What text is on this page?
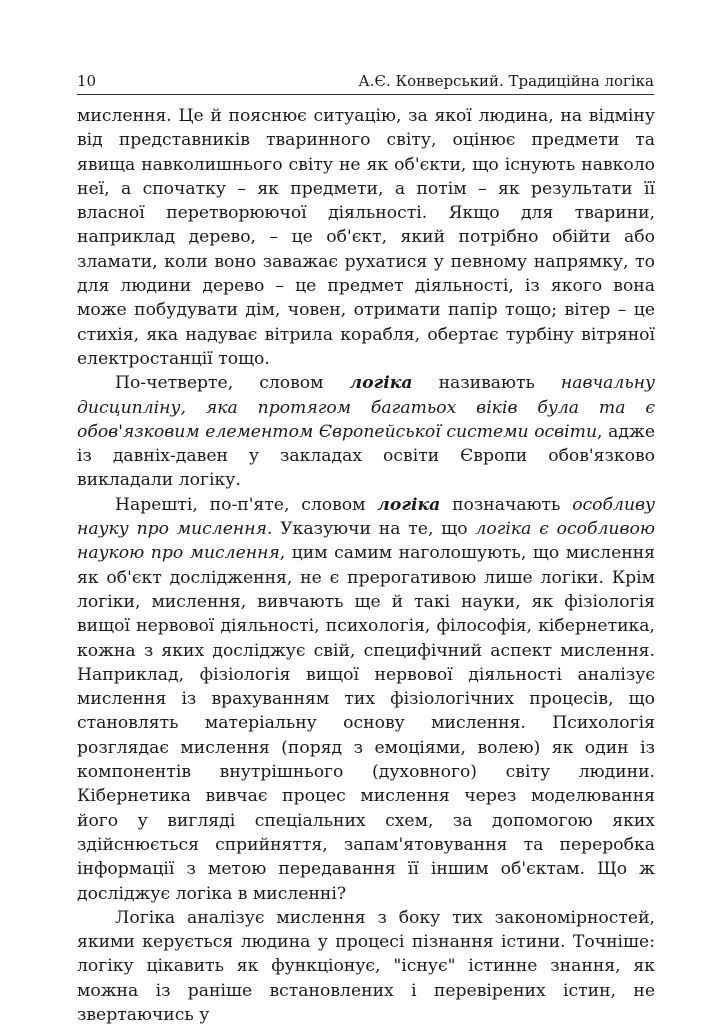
10	А.Є. Конверський. Традиційна логіка

мислення. Це й пояснює ситуацію, за якої людина, на відміну від представників тваринного світу, оцінює предмети та явища навколишнього світу не як об'єкти, що існують навколо неї, а спочатку – як предмети, а потім – як результати її власної перетворюючої діяльності. Якщо для тварини, наприклад дерево, – це об'єкт, який потрібно обійти або зламати, коли воно заважає рухатися у певному напрямку, то для людини дерево – це предмет діяльності, із якого вона може побудувати дім, човен, отримати папір тощо; вітер – це стихія, яка надуває вітрила корабля, обертає турбіну вітряної електростанції тощо.

По-четверте, словом логіка називають навчальну дисципліну, яка протягом багатьох віків була та є обов'язковим елементом Європейської системи освіти, адже із давніх-давен у закладах освіти Європи обов'язково викладали логіку.

Нарешті, по-п'яте, словом логіка позначають особливу науку про мислення. Указуючи на те, що логіка є особливою наукою про мислення, цим самим наголошують, що мислення як об'єкт дослідження, не є прерогативою лише логіки. Крім логіки, мислення, вивчають ще й такі науки, як фізіологія вищої нервової діяльності, психологія, філософія, кібернетика, кожна з яких досліджує свій, специфічний аспект мислення. Наприклад, фізіологія вищої нервової діяльності аналізує мислення із врахуванням тих фізіологічних процесів, що становлять матеріальну основу мислення. Психологія розглядає мислення (поряд з емоціями, волею) як один із компонентів внутрішнього (духовного) світу людини. Кібернетика вивчає процес мислення через моделювання його у вигляді спеціальних схем, за допомогою яких здійснюється сприйняття, запам'ятовування та переробка інформації з метою передавання її іншим об'єктам. Що ж досліджує логіка в мисленні?

Логіка аналізує мислення з боку тих закономірностей, якими керується людина у процесі пізнання істини. Точніше: логіку цікавить як функціонує, "існує" істинне знання, як можна із раніше встановлених і перевірених істин, не звертаючись у
